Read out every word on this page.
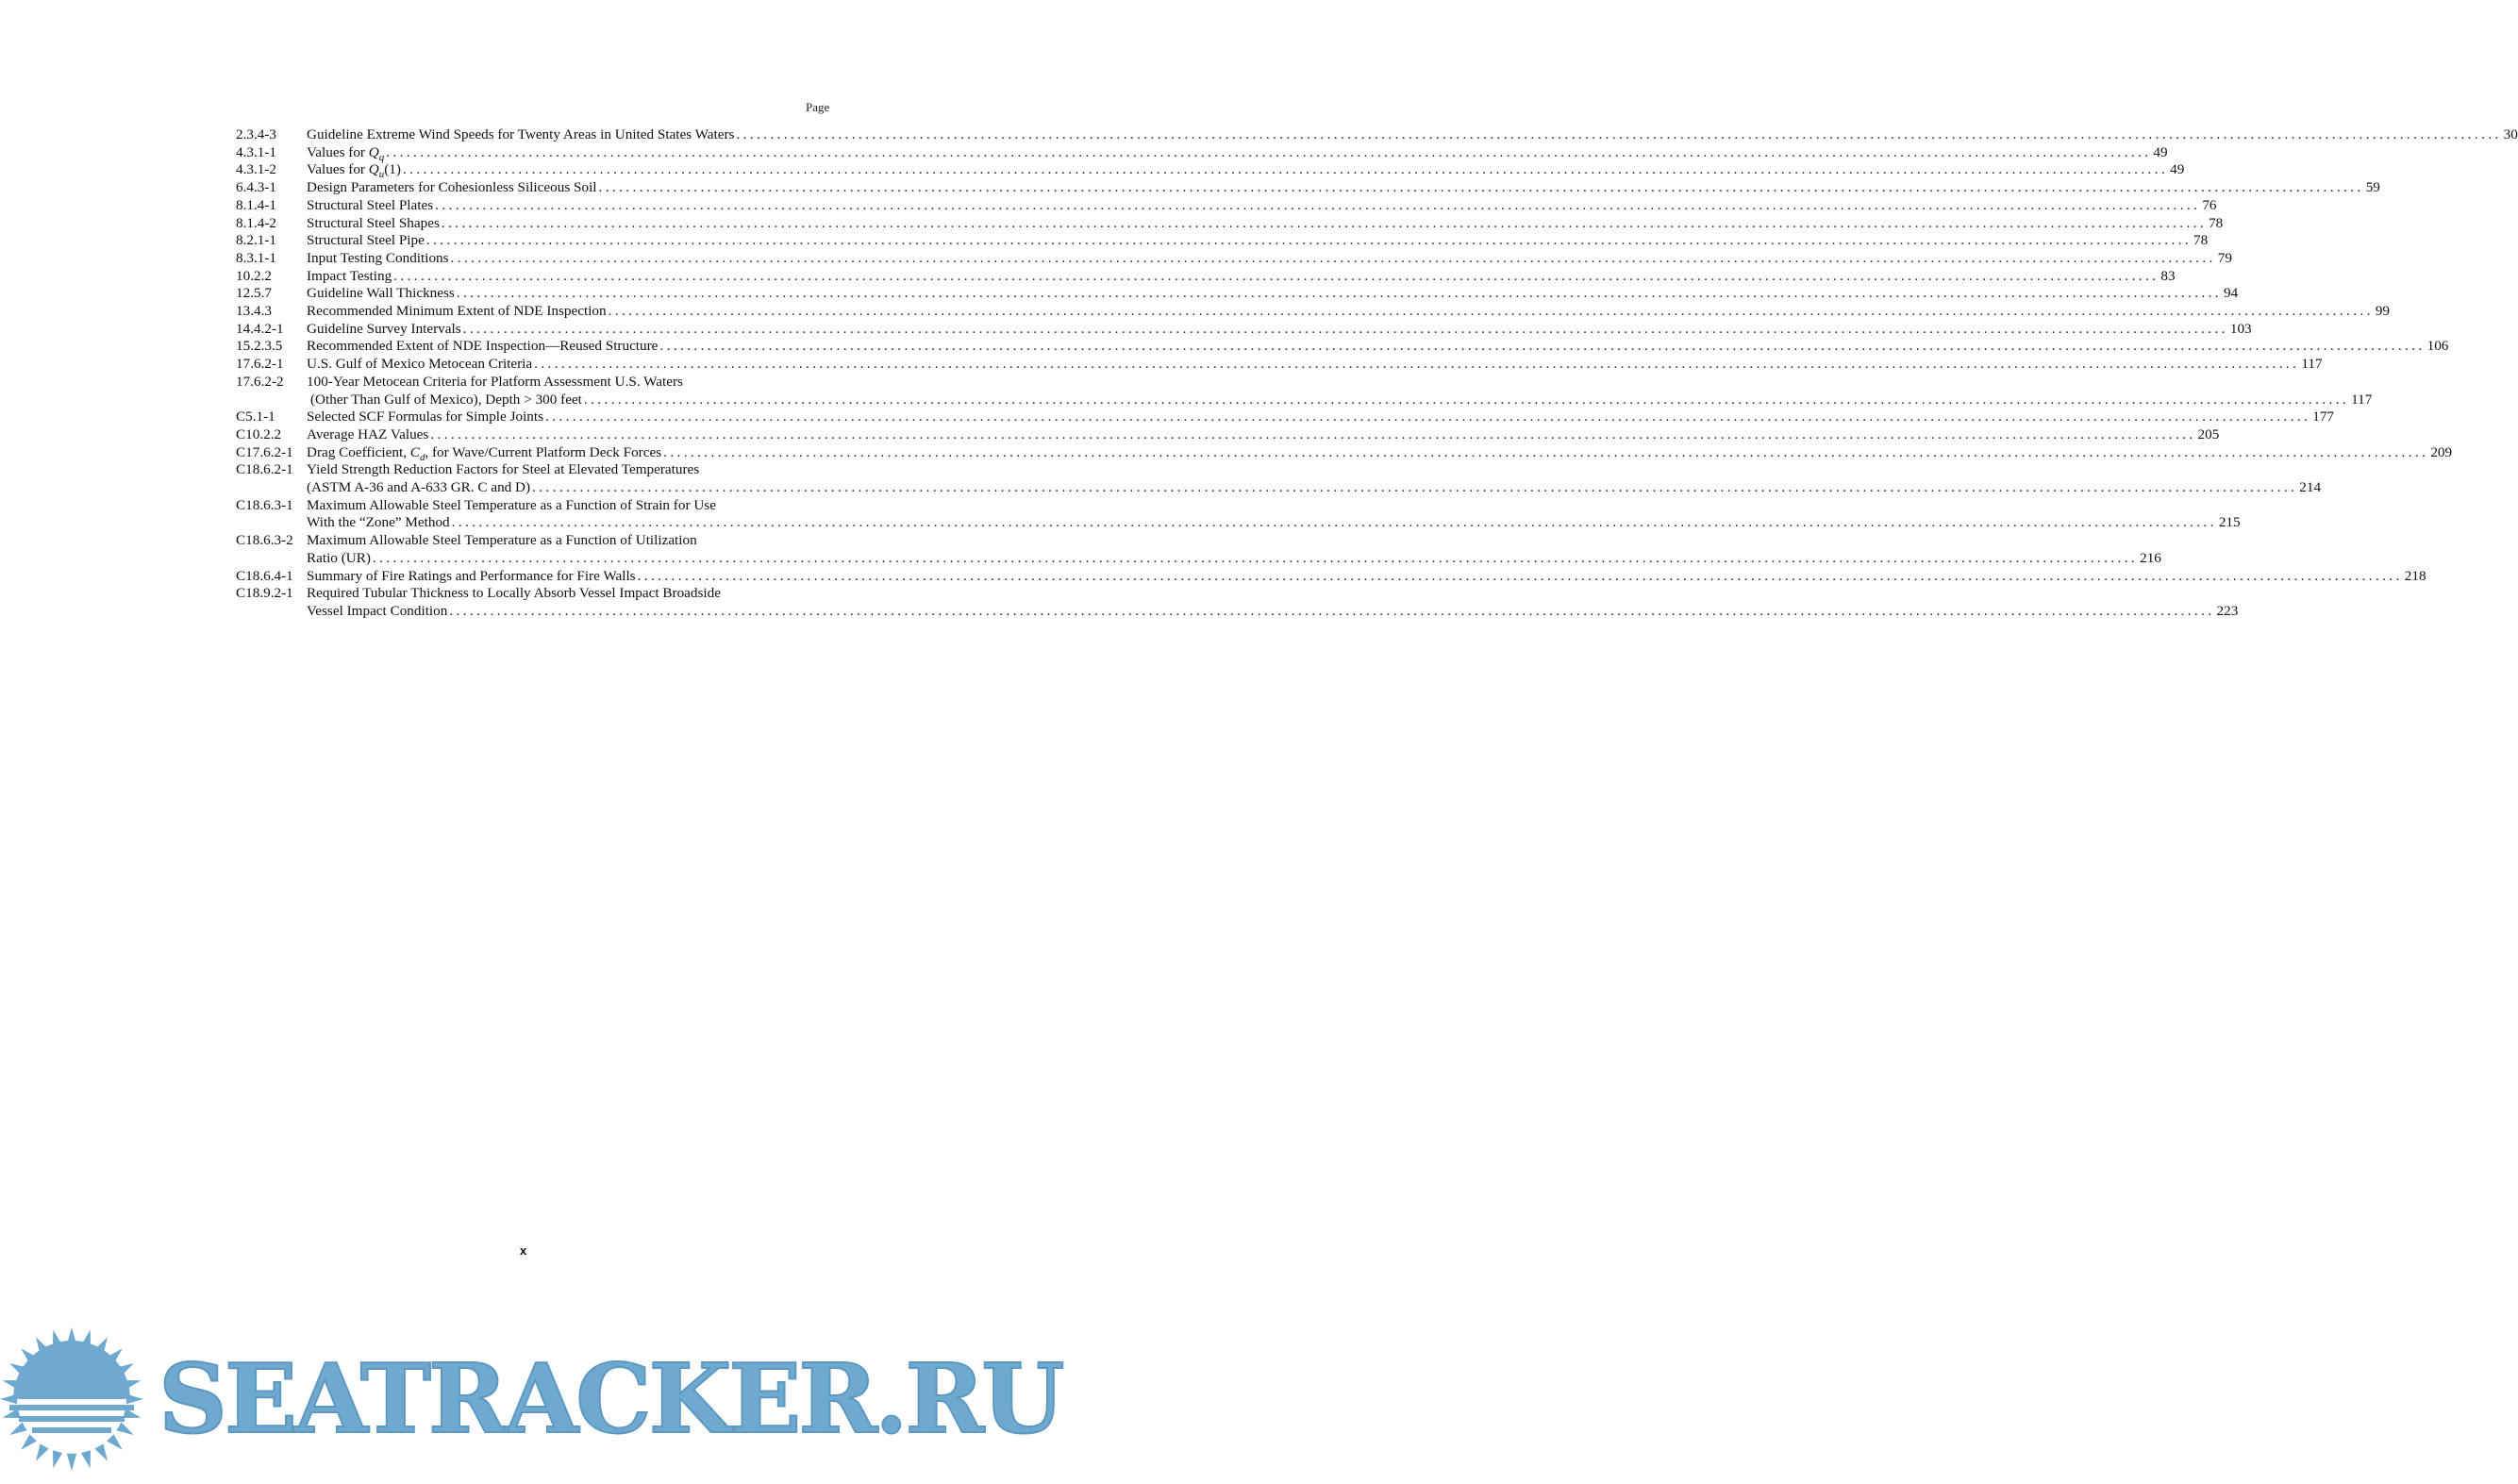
Page
2.3.4-3	Guideline Extreme Wind Speeds for Twenty Areas in United States Waters .................................................................................................................................................................................................................................................................... 30
4.3.1-1	Values for $Q_q$ .................................................................................................................................................................................................................................................................... 49
4.3.1-2	Values for $Q_u(1)$ .................................................................................................................................................................................................................................................................... 49
6.4.3-1	Design Parameters for Cohesionless Siliceous Soil .................................................................................................................................................................................................................................................................... 59
8.1.4-1	Structural Steel Plates .................................................................................................................................................................................................................................................................... 76
8.1.4-2	Structural Steel Shapes .................................................................................................................................................................................................................................................................... 78
8.2.1-1	Structural Steel Pipe .................................................................................................................................................................................................................................................................... 78
8.3.1-1	Input Testing Conditions .................................................................................................................................................................................................................................................................... 79
10.2.2	Impact Testing .................................................................................................................................................................................................................................................................... 83
12.5.7	Guideline Wall Thickness .................................................................................................................................................................................................................................................................... 94
13.4.3	Recommended Minimum Extent of NDE Inspection .................................................................................................................................................................................................................................................................... 99
14.4.2-1	Guideline Survey Intervals .................................................................................................................................................................................................................................................................... 103
15.2.3.5	Recommended Extent of NDE Inspection—Reused Structure .................................................................................................................................................................................................................................................................... 106
17.6.2-1	U.S. Gulf of Mexico Metocean Criteria .................................................................................................................................................................................................................................................................... 117
17.6.2-2	100-Year Metocean Criteria for Platform Assessment U.S. Waters
(Other Than Gulf of Mexico), Depth > 300 feet .................................................................................................................................................................................................................................................................... 117
C5.1-1	Selected SCF Formulas for Simple Joints .................................................................................................................................................................................................................................................................... 177
C10.2.2	Average HAZ Values .................................................................................................................................................................................................................................................................... 205
C17.6.2-1 Drag Coefficient, $C_d$, for Wave/Current Platform Deck Forces .................................................................................................................................................................................................................................................................... 209
C18.6.2-1 Yield Strength Reduction Factors for Steel at Elevated Temperatures
(ASTM A-36 and A-633 GR. C and D) .................................................................................................................................................................................................................................................................... 214
C18.6.3-1 Maximum Allowable Steel Temperature as a Function of Strain for Use
With the “Zone” Method .................................................................................................................................................................................................................................................................... 215
C18.6.3-2 Maximum Allowable Steel Temperature as a Function of Utilization
Ratio (UR) .................................................................................................................................................................................................................................................................... 216
C18.6.4-1 Summary of Fire Ratings and Performance for Fire Walls .................................................................................................................................................................................................................................................................... 218
C18.9.2-1 Required Tubular Thickness to Locally Absorb Vessel Impact Broadside
Vessel Impact Condition .................................................................................................................................................................................................................................................................... 223
x
SEATRACKER.RU
